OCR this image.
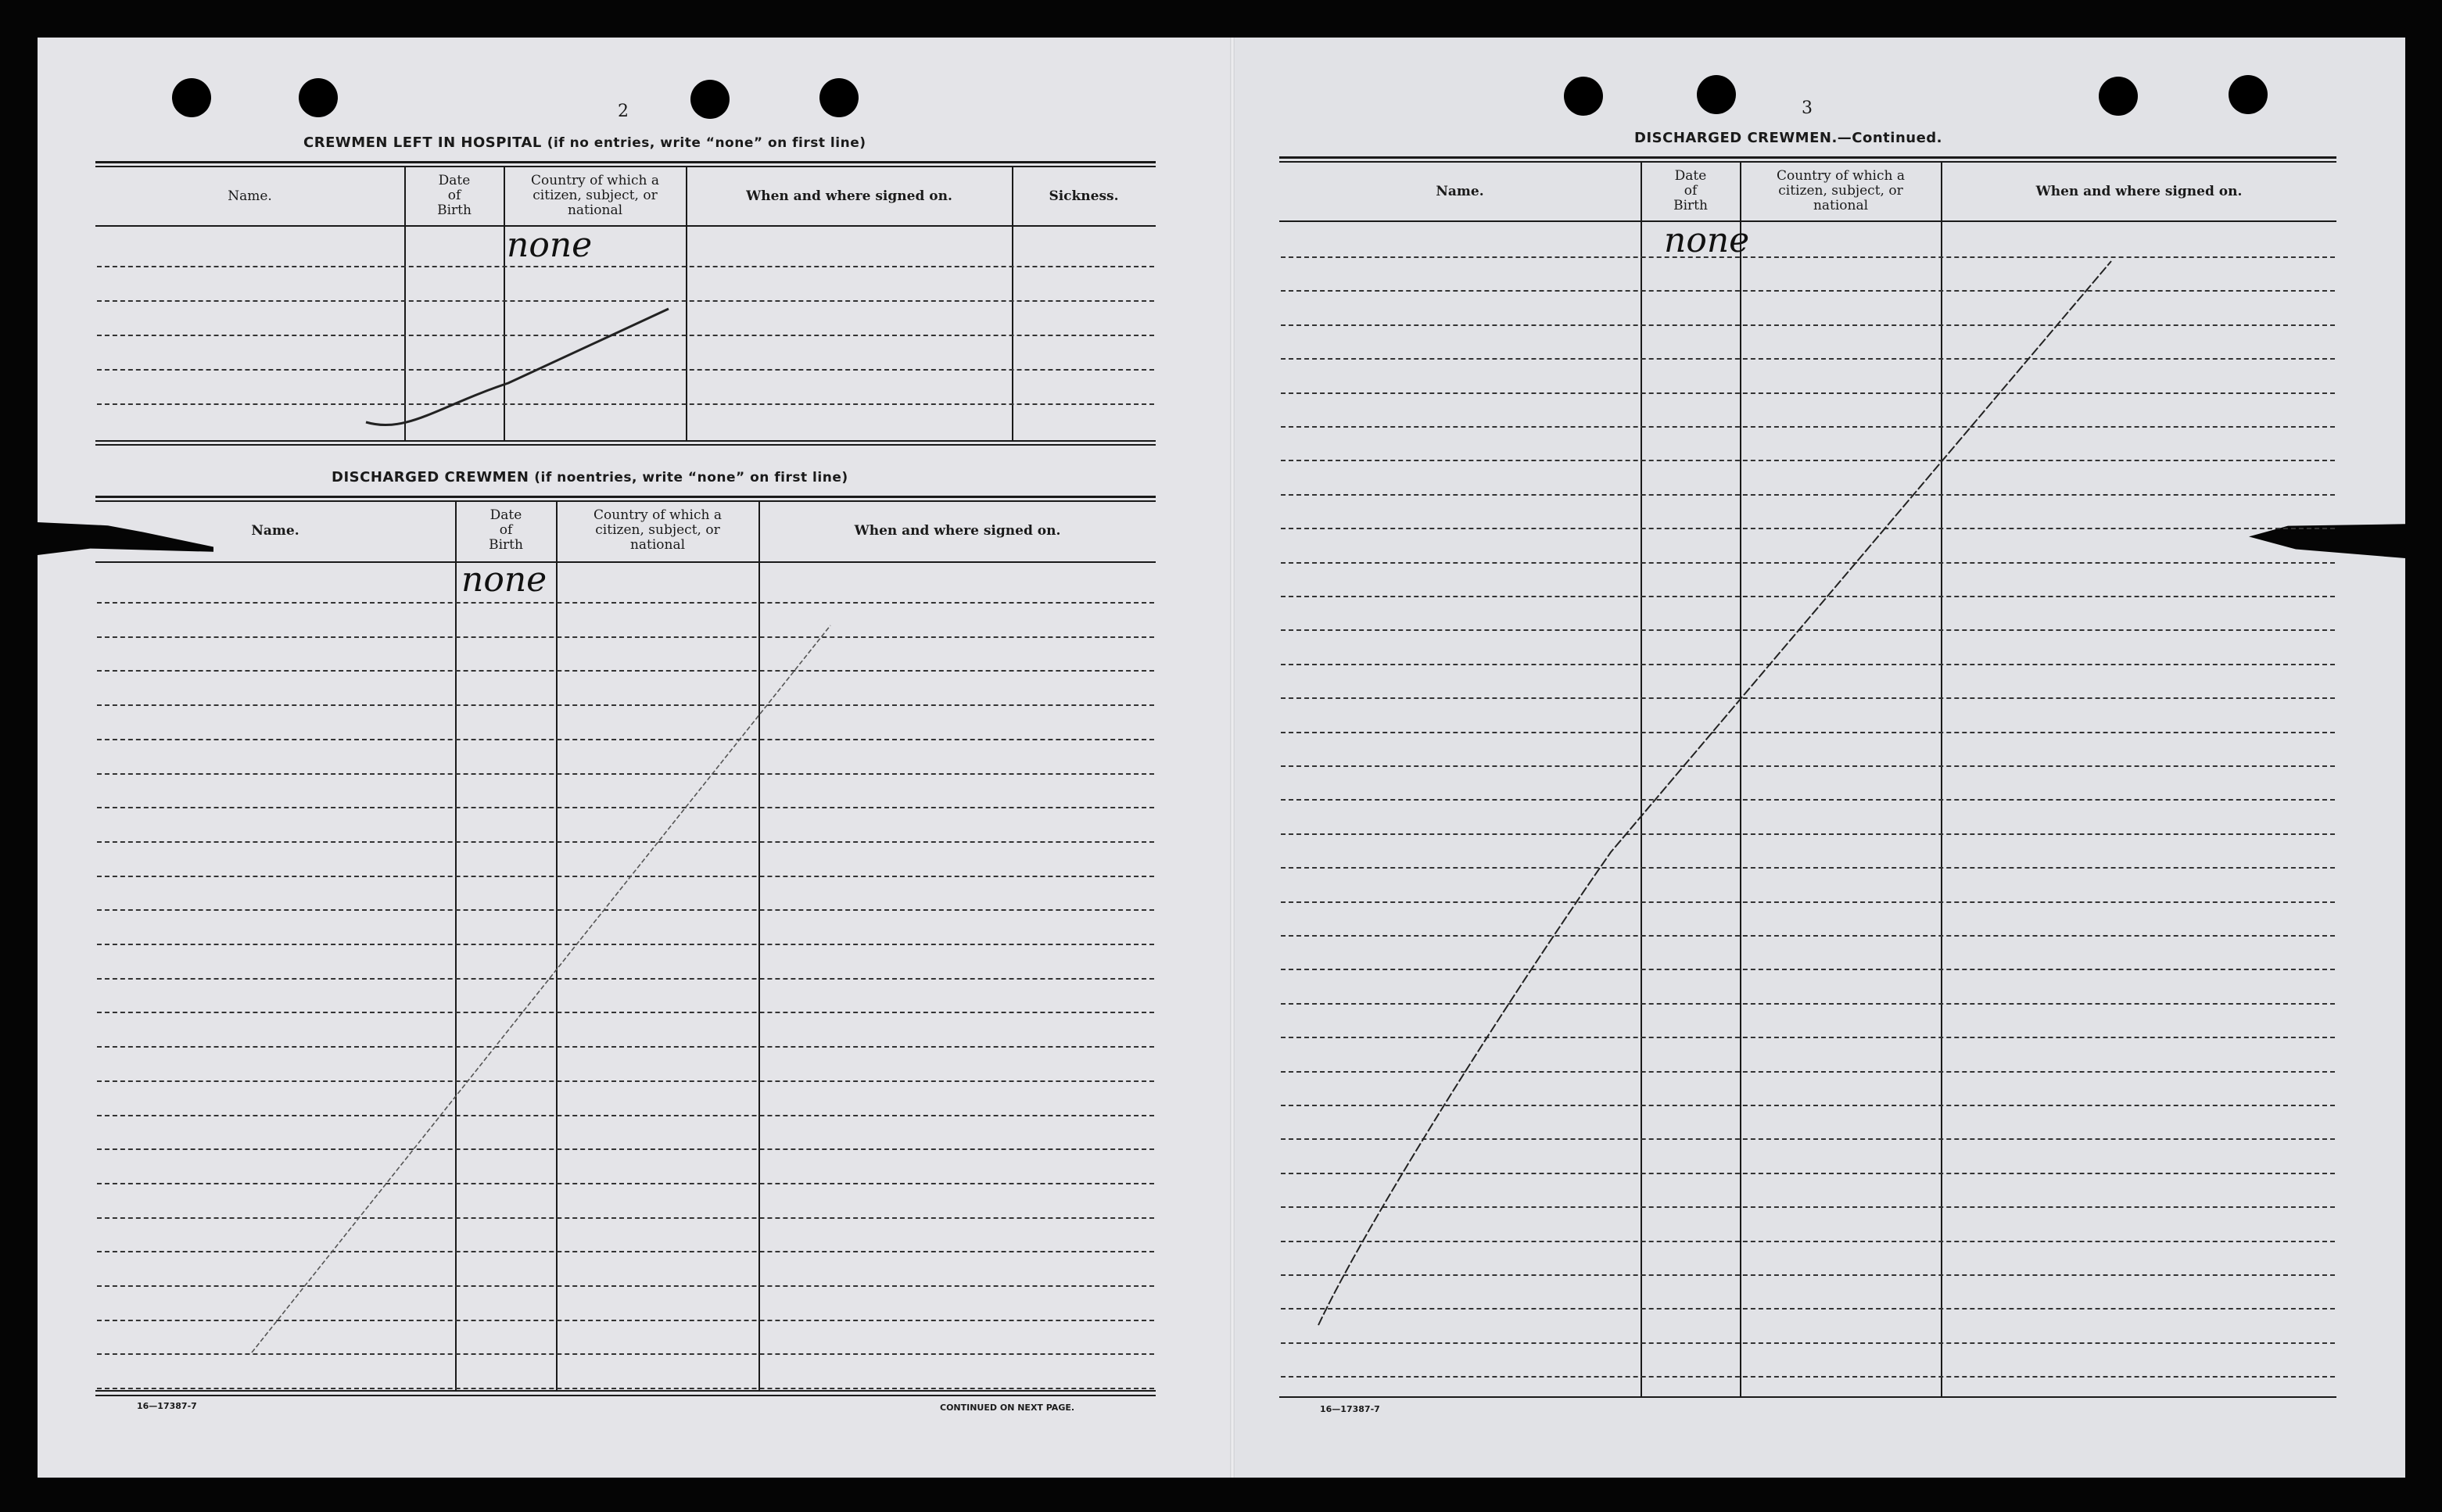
2
CREWMEN LEFT IN HOSPITAL (if no entries, write “none” on first line)
Name.
Date
of
Birth
Country of which a
citizen, subject, or
national
When and where signed on.	Sickness.
none
DISCHARGED CREWMEN (if noentries, write “none” on first line)
Name.
Date
of
Birth
Country of which a
citizen, subject, or
national
When and where signed on.
none
16—17387-7	CONTINUED ON NEXT PAGE.
3
DISCHARGED CREWMEN.—Continued.
Name.
Date
of
Birth
Country of which a
citizen, subject, or
national
When and where signed on.
none
16—17387-7
